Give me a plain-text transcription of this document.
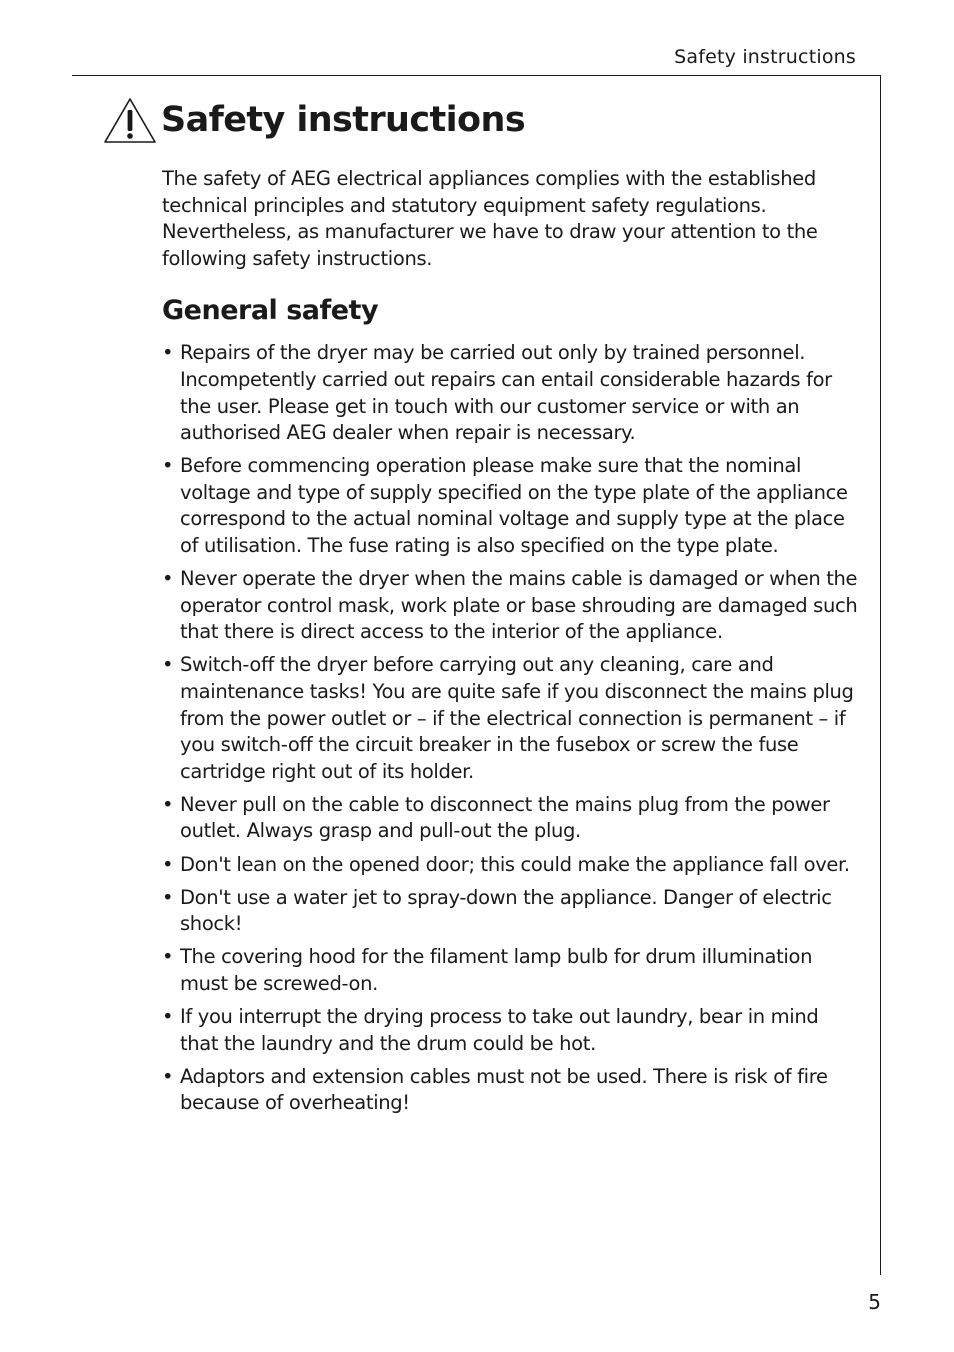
Safety instructions
Safety instructions

The safety of AEG electrical appliances complies with the established technical principles and statutory equipment safety regulations. Nevertheless, as manufacturer we have to draw your attention to the following safety instructions.

General safety
• Repairs of the dryer may be carried out only by trained personnel. Incompetently carried out repairs can entail considerable hazards for the user. Please get in touch with our customer service or with an authorised AEG dealer when repair is necessary.
• Before commencing operation please make sure that the nominal voltage and type of supply specified on the type plate of the appliance correspond to the actual nominal voltage and supply type at the place of utilisation. The fuse rating is also specified on the type plate.
• Never operate the dryer when the mains cable is damaged or when the operator control mask, work plate or base shrouding are damaged such that there is direct access to the interior of the appliance.
• Switch-off the dryer before carrying out any cleaning, care and maintenance tasks! You are quite safe if you disconnect the mains plug from the power outlet or – if the electrical connection is permanent – if you switch-off the circuit breaker in the fusebox or screw the fuse cartridge right out of its holder.
• Never pull on the cable to disconnect the mains plug from the power outlet. Always grasp and pull-out the plug.
• Don't lean on the opened door; this could make the appliance fall over.
• Don't use a water jet to spray-down the appliance. Danger of electric shock!
• The covering hood for the filament lamp bulb for drum illumination must be screwed-on.
• If you interrupt the drying process to take out laundry, bear in mind that the laundry and the drum could be hot.
• Adaptors and extension cables must not be used. There is risk of fire because of overheating!
5
